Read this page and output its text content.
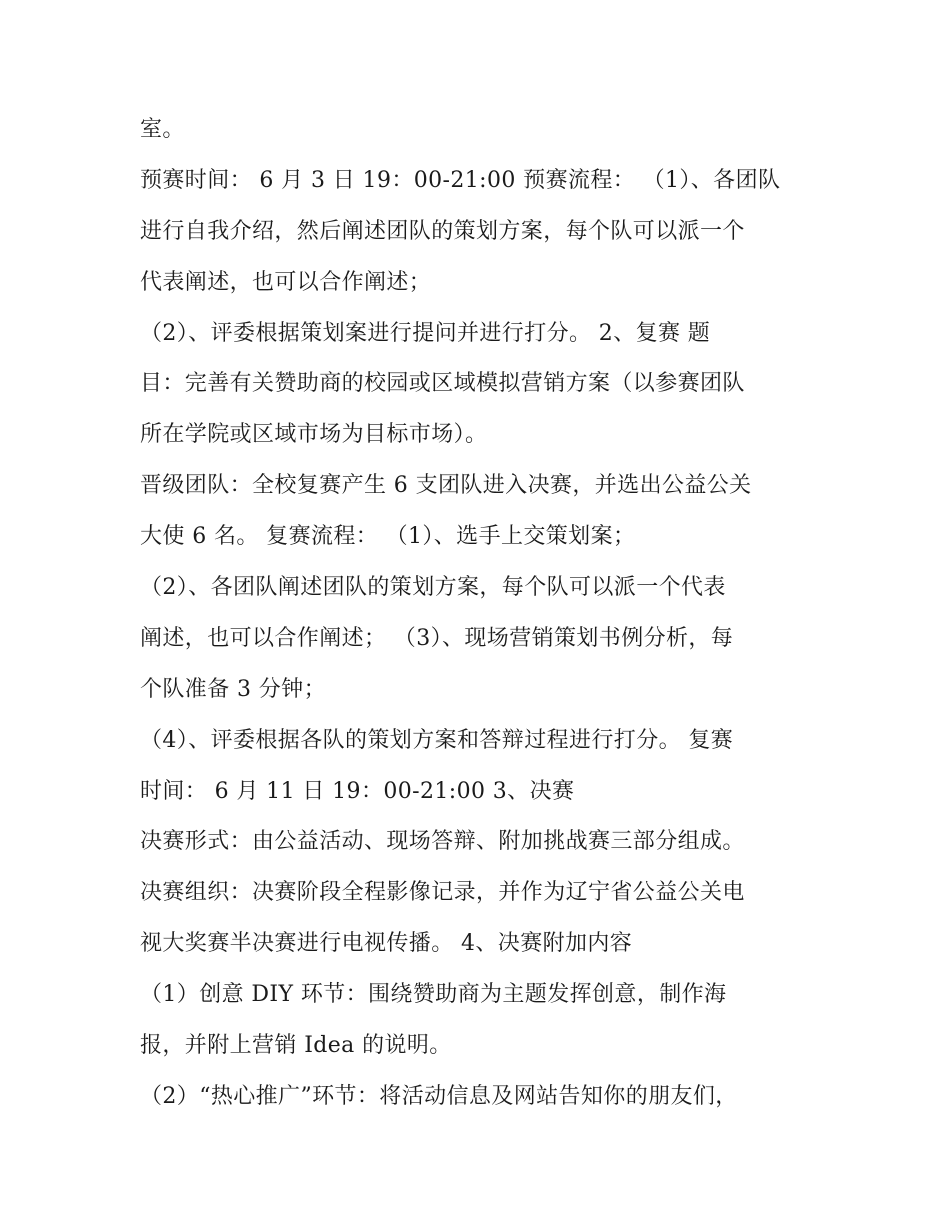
室。
预赛时间： 6 月 3 日 19：00-21:00 预赛流程： （1）、各团队
进行自我介绍，然后阐述团队的策划方案，每个队可以派一个
代表阐述，也可以合作阐述；
（2）、评委根据策划案进行提问并进行打分。 2、复赛 题
目：完善有关赞助商的校园或区域模拟营销方案（以参赛团队
所在学院或区域市场为目标市场）。
晋级团队：全校复赛产生 6 支团队进入决赛，并选出公益公关
大使 6 名。 复赛流程： （1）、选手上交策划案；
（2）、各团队阐述团队的策划方案，每个队可以派一个代表
阐述，也可以合作阐述； （3）、现场营销策划书例分析，每
个队准备 3 分钟；
（4）、评委根据各队的策划方案和答辩过程进行打分。 复赛
时间： 6 月 11 日 19：00-21:00 3、决赛
决赛形式：由公益活动、现场答辩、附加挑战赛三部分组成。
决赛组织：决赛阶段全程影像记录，并作为辽宁省公益公关电
视大奖赛半决赛进行电视传播。 4、决赛附加内容
（1）创意 DIY 环节：围绕赞助商为主题发挥创意，制作海
报，并附上营销 Idea 的说明。
（2）“热心推广”环节：将活动信息及网站告知你的朋友们，
